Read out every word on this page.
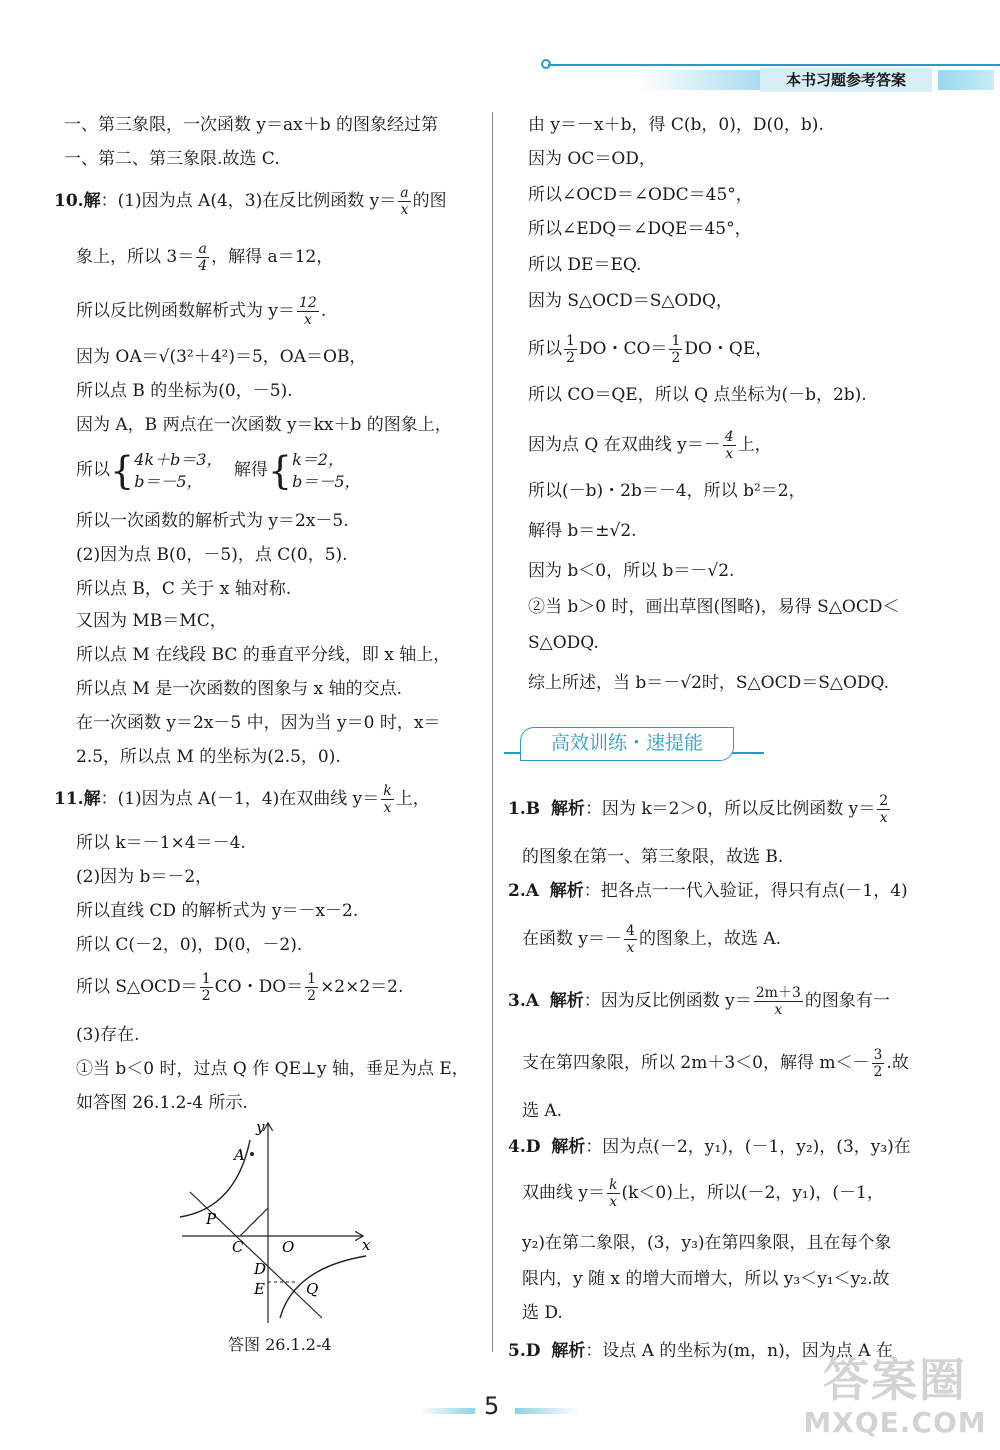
本书习题参考答案
一、第三象限，一次函数 y＝ax＋b 的图象经过第
一、第二、第三象限.故选 C.
10.解：(1)因为点 A(4，3)在反比例函数 $y= \frac{a}{x}$ 的图
象上，所以 $3= \frac{a}{4}$ ，解得 a＝12，
所以反比例函数解析式为 $y= \frac{12}{x}$ .
因为 OA＝√(3²＋4²)＝5，OA＝OB，
所以点 B 的坐标为(0，－5).
因为 A，B 两点在一次函数 y＝kx＋b 的图象上，
所以{ 4k＋b＝3，
b＝－5，
解得{ k＝2，
b＝－5，
所以一次函数的解析式为 y＝2x－5.
(2)因为点 B(0，－5)，点 C(0，5).
所以点 B，C 关于 x 轴对称.
又因为 MB＝MC，
所以点 M 在线段 BC 的垂直平分线，即 x 轴上，
所以点 M 是一次函数的图象与 x 轴的交点.
在一次函数 y＝2x－5 中，因为当 y＝0 时，x＝
2.5，所以点 M 的坐标为(2.5，0).
11.解：(1)因为点 A(－1，4)在双曲线 $y= \frac{k}{x}$ 上，
所以 k＝－1×4＝－4.
(2)因为 b＝－2，
所以直线 CD 的解析式为 y＝－x－2.
所以 C(－2，0)，D(0，－2).
所以 S△OCD＝ $\frac{1}{2}$ CO・$DO= \frac{1}{2} \times 2\times 2=2$.
(3)存在.
①当 b＜0 时，过点 Q 作 QE⊥y 轴，垂足为点 E，
如答图 26.1.2-4 所示.
y
A
P
C	O	x
D
E	Q
答图 26.1.2-4
由 y＝－x＋b，得 C(b，0)，D(0，b).
因为 OC＝OD，
所以∠OCD＝∠ODC＝45°，
所以∠EDQ＝∠DQE＝45°，
所以 DE＝EQ.
因为 S△OCD＝S△ODQ，
所以 $\frac{1}{2}$ DO・$CO= \frac{1}{2}$ DO・QE，
所以 CO＝QE，所以 Q 点坐标为(－b，2b).
因为点 Q 在双曲线 $y=- \frac{4}{x}$ 上，
所以(－b)・2b＝－4，所以 b²＝2，
解得 b＝±√2.
因为 b＜0，所以 b＝－√2.
②当 b＞0 时，画出草图(图略)，易得 S△OCD＜
S△ODQ.
综上所述，当 b＝－√2时，S△OCD＝S△ODQ.
高效训练・速提能
1.B 解析：因为 k＝2＞0，所以反比例函数 $y= \frac{2}{x}$
的图象在第一、第三象限，故选 B.
2.A 解析：把各点一一代入验证，得只有点(－1，4)
在函数 $y=- \frac{4}{x}$ 的图象上，故选 A.
3.A 解析：因为反比例函数 $y= \frac{2m+3}{x}$ 的图象有一
支在第四象限，所以 2m＋3＜0，解得 $m<- \frac{3}{2}$ .故
选 A.
4.D 解析：因为点(－2，y₁)，(－1，y₂)，(3，y₃)在
双曲线 $y= \frac{k}{x} (k<0)$上，所以(－2，y₁)，(－1，
y₂)在第二象限，(3，y₃)在第四象限，且在每个象
限内，y 随 x 的增大而增大，所以 y₃＜y₁＜y₂.故
选 D.
5.D 解析：设点 A 的坐标为(m，n)，因为点 A 在
5	答案圈
MXQE.COM
